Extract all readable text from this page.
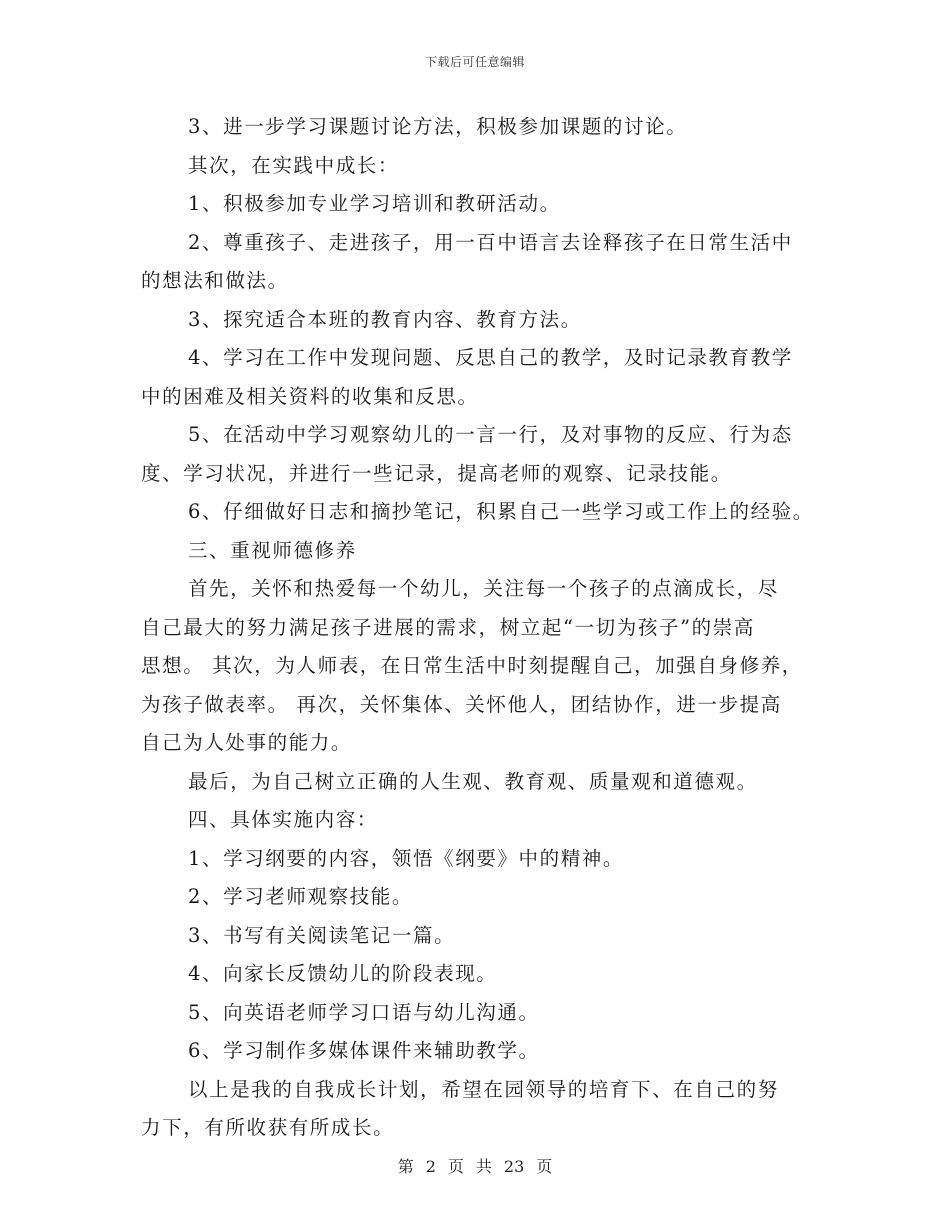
下载后可任意编辑
3、进一步学习课题讨论方法，积极参加课题的讨论。
其次，在实践中成长：
1、积极参加专业学习培训和教研活动。
2、尊重孩子、走进孩子，用一百中语言去诠释孩子在日常生活中
的想法和做法。
3、探究适合本班的教育内容、教育方法。
4、学习在工作中发现问题、反思自己的教学，及时记录教育教学
中的困难及相关资料的收集和反思。
5、在活动中学习观察幼儿的一言一行，及对事物的反应、行为态
度、学习状况，并进行一些记录，提高老师的观察、记录技能。
6、仔细做好日志和摘抄笔记，积累自己一些学习或工作上的经验。
三、重视师德修养
首先，关怀和热爱每一个幼儿，关注每一个孩子的点滴成长，尽
自己最大的努力满足孩子进展的需求，树立起“一切为孩子”的崇高
思想。 其次，为人师表，在日常生活中时刻提醒自己，加强自身修养，
为孩子做表率。 再次，关怀集体、关怀他人，团结协作，进一步提高
自己为人处事的能力。
最后，为自己树立正确的人生观、教育观、质量观和道德观。
四、具体实施内容：
1、学习纲要的内容，领悟《纲要》中的精神。
2、学习老师观察技能。
3、书写有关阅读笔记一篇。
4、向家长反馈幼儿的阶段表现。
5、向英语老师学习口语与幼儿沟通。
6、学习制作多媒体课件来辅助教学。
以上是我的自我成长计划，希望在园领导的培育下、在自己的努
力下，有所收获有所成长。
第 2 页 共 23 页
